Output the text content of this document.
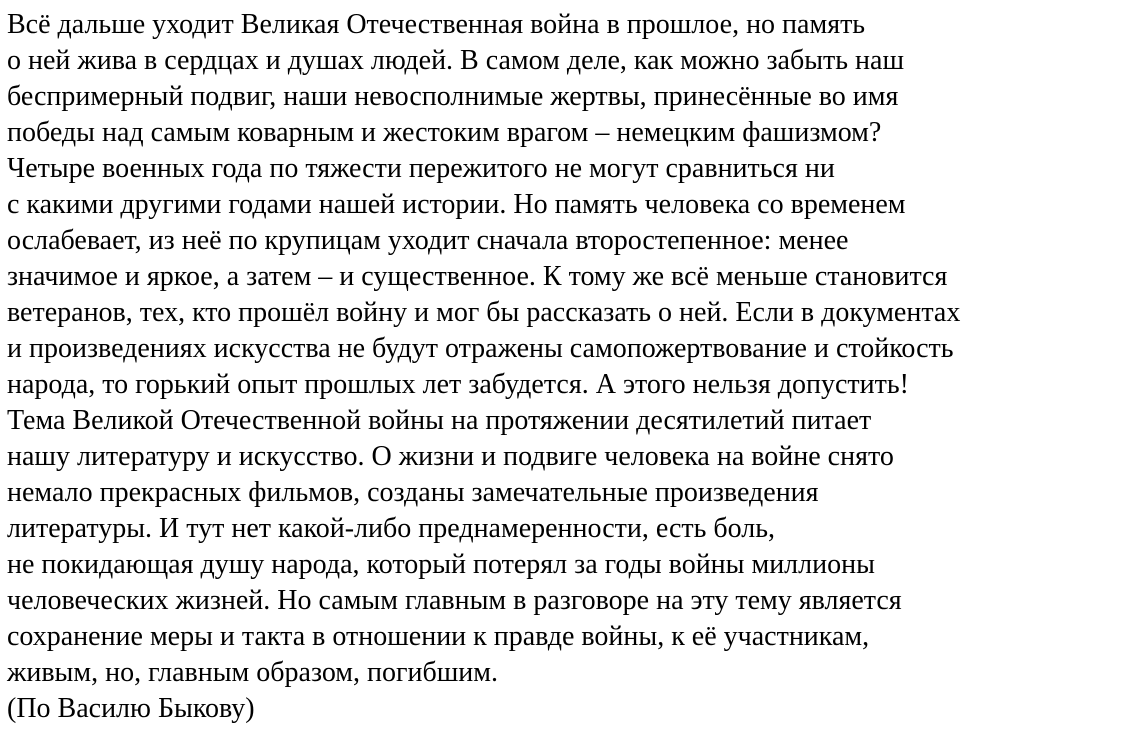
Всё дальше уходит Великая Отечественная война в прошлое, но память
о ней жива в сердцах и душах людей. В самом деле, как можно забыть наш
беспримерный подвиг, наши невосполнимые жертвы, принесённые во имя
победы над самым коварным и жестоким врагом – немецким фашизмом?
Четыре военных года по тяжести пережитого не могут сравниться ни
с какими другими годами нашей истории. Но память человека со временем
ослабевает, из неё по крупицам уходит сначала второстепенное: менее
значимое и яркое, а затем – и существенное. К тому же всё меньше становится
ветеранов, тех, кто прошёл войну и мог бы рассказать о ней. Если в документах
и произведениях искусства не будут отражены самопожертвование и стойкость
народа, то горький опыт прошлых лет забудется. А этого нельзя допустить!
Тема Великой Отечественной войны на протяжении десятилетий питает
нашу литературу и искусство. О жизни и подвиге человека на войне снято
немало прекрасных фильмов, созданы замечательные произведения
литературы. И тут нет какой-либо преднамеренности, есть боль,
не покидающая душу народа, который потерял за годы войны миллионы
человеческих жизней. Но самым главным в разговоре на эту тему является
сохранение меры и такта в отношении к правде войны, к её участникам,
живым, но, главным образом, погибшим.
(По Василю Быкову)
